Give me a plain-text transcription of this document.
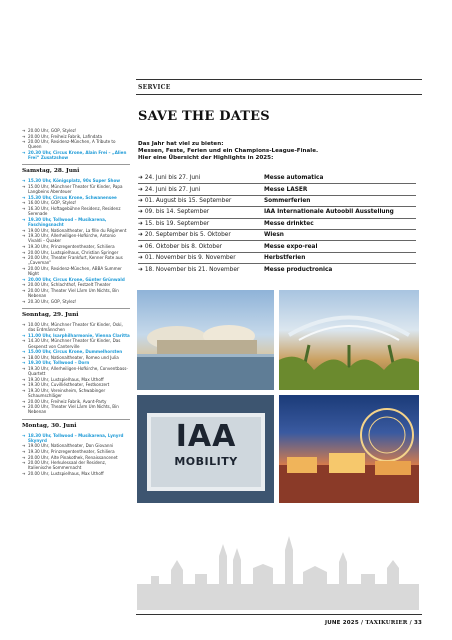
➜ 20.00 Uhr, GOP, Stylez!
➜ 20.00 Uhr, Freiheiz Fabrik, Lafindata
➜ 20.00 Uhr, Residenz-München, A Tribute to Queen
➜ 20.30 Uhr, Circus Krone, Alain Frei – „Alien Frei“ Zusatzshow
Samstag, 28. Juni
➜ 15.30 Uhr, Königsplatz, 90s Super Show
➜ 15.00 Uhr, Münchner Theater für Kinder, Papa Langbeins Abenteuer
➜ 15.30 Uhr, Circus Krone, Schwanensee
➜ 16.00 Uhr, GOP, Stylez!
➜ 16.30 Uhr, Hoftagebühne Residenz, Residenz Serenade
➜ 19.30 Uhr, Tollwood – Musikarena, Faschingsnacht
➜ 19.00 Uhr, Nationaltheater, La fille du Régiment
➜ 19.30 Uhr, Allerheiligen-Hofkirche, Antonio Vivaldi – Quaker
➜ 19.30 Uhr, Prinzregententheater, Schiliera
➜ 20.00 Uhr, Lustspielhaus, Christian Springer
➜ 20.00 Uhr, Theater Frankfurt, Kenner Rote aus „Caveman“
➜ 20.00 Uhr, Residenz-München, ABBA Summer Night
➜ 20.00 Uhr, Circus Krone, Günter Grünwald
➜ 20.00 Uhr, Schlachthof, Festzelt Theater
➜ 20.00 Uhr, Theater Viel Lärm Um Nichts, Bin Nebenan
➜ 20.30 Uhr, GOP, Stylez!
Sonntag, 29. Juni
➜ 10.00 Uhr, Münchner Theater für Kinder, Oski, das Erdmännchen
➜ 11.00 Uhr, Isarphilharmonie, Vienna Claritta
➜ 14.30 Uhr, Münchner Theater für Kinder, Das Gespenst von Canterville
➜ 15.00 Uhr, Circus Krone, Dummelhorsten
➜ 18.00 Uhr, Nationaltheater, Romeo und Julia
➜ 19.30 Uhr, Tollwood – Dorn
➜ 19.30 Uhr, Allerheiligen-Hofkirche, Conventbass-Quartett
➜ 19.30 Uhr, Lustspielhaus, Max Uthoff
➜ 19.30 Uhr, Cuvilliéstheater, Festkonzert
➜ 19.30 Uhr, Vereinsheim, Schwabinger Schaumschläger
➜ 20.00 Uhr, Freiheiz Fabrik, Avant-Party
➜ 20.00 Uhr, Theater Viel Lärm Um Nichts, Bin Nebenan
Montag, 30. Juni
➜ 18.30 Uhr, Tollwood – Musikarena, Lynyrd Skynyrd
➜ 19.00 Uhr, Nationaltheater, Don Giovanni
➜ 19.30 Uhr, Prinzregententheater, Schiliera
➜ 20.00 Uhr, Alte Pinakothek, Renaissancenet
➜ 20.00 Uhr, Herkulessaal der Residenz, Italienische Sommernacht
➜ 20.00 Uhr, Lustspielhaus, Max Uthoff
SERVICE
SAVE THE DATES
Das Jahr hat viel zu bieten:
Messen, Feste, Ferien und ein Champions-League-Finale.
Hier eine Übersicht der Highlights in 2025:
➜ 24. Juni bis 27. Juni	Messe automatica
➜ 24. Juni bis 27. Juni	Messe LASER
➜ 01. August bis 15. September	Sommerferien
➜ 09. bis 14. September	IAA Internationale Autoobil Ausstellung
➜ 15. bis 19. September	Messe drinktec
➜ 20. September bis 5. Oktober	Wiesn
➜ 06. Oktober bis 8. Oktober	Messe expo-real
➜ 01. November bis 9. November	Herbstferien
➜ 18. November bis 21. November	Messe productronica
IAA
MOBILITY
JUNE 2025 / TAXIKURIER / 33
